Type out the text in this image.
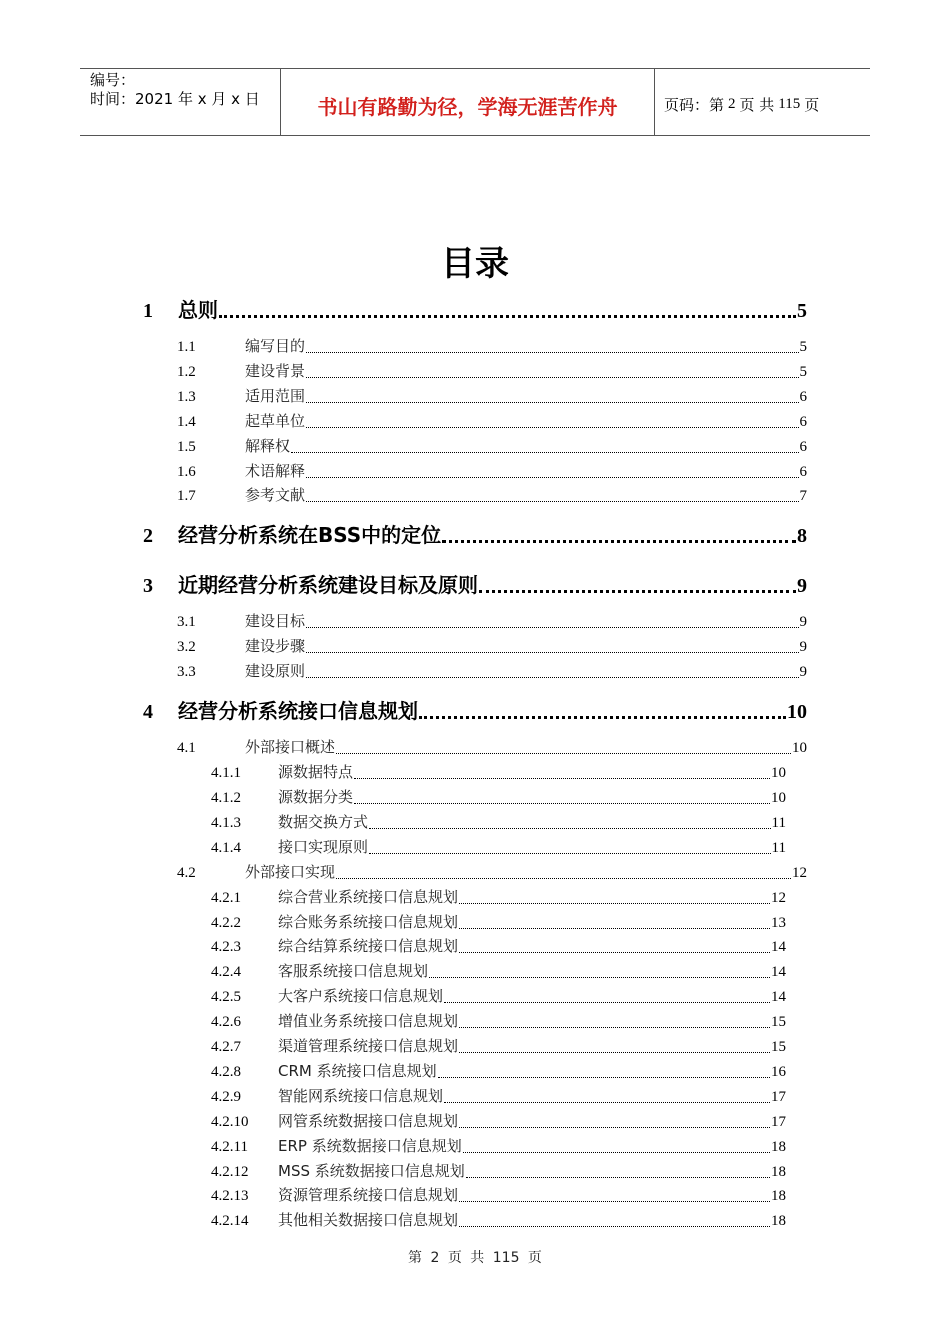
编号：
时间：2021 年 x 月 x 日	书山有路勤为径，学海无涯苦作舟	页码：第 2 页 共 115 页
目录
1	总则	5
1.1	编写目的	5
1.2	建设背景	5
1.3	适用范围	6
1.4	起草单位	6
1.5	解释权	6
1.6	术语解释	6
1.7	参考文献	7
2	经营分析系统在BSS中的定位	8
3	近期经营分析系统建设目标及原则	9
3.1	建设目标	9
3.2	建设步骤	9
3.3	建设原则	9
4	经营分析系统接口信息规划	10
4.1	外部接口概述	10
4.1.1	源数据特点	10
4.1.2	源数据分类	10
4.1.3	数据交换方式	11
4.1.4	接口实现原则	11
4.2	外部接口实现	12
4.2.1	综合营业系统接口信息规划	12
4.2.2	综合账务系统接口信息规划	13
4.2.3	综合结算系统接口信息规划	14
4.2.4	客服系统接口信息规划	14
4.2.5	大客户系统接口信息规划	14
4.2.6	增值业务系统接口信息规划	15
4.2.7	渠道管理系统接口信息规划	15
4.2.8	CRM 系统接口信息规划	16
4.2.9	智能网系统接口信息规划	17
4.2.10	网管系统数据接口信息规划	17
4.2.11	ERP 系统数据接口信息规划	18
4.2.12	MSS 系统数据接口信息规划	18
4.2.13	资源管理系统接口信息规划	18
4.2.14	其他相关数据接口信息规划	18
第 2 页 共 115 页
